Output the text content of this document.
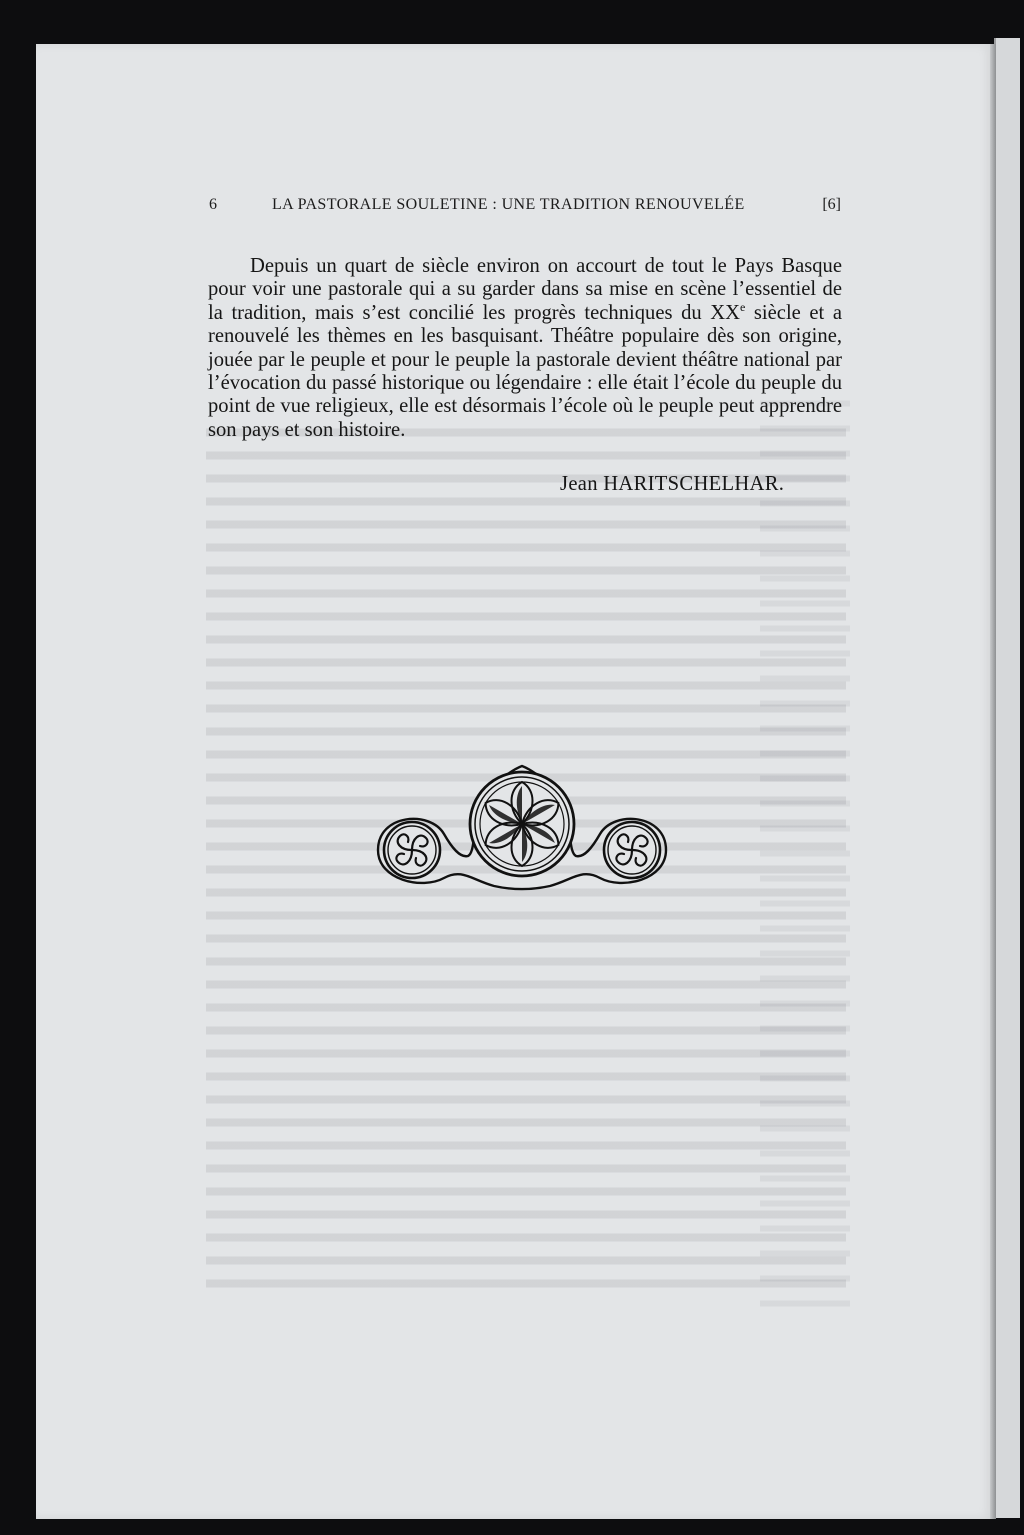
6	LA PASTORALE SOULETINE : UNE TRADITION RENOUVELÉE	[6]

Depuis un quart de siècle environ on accourt de tout le Pays Basque pour voir une pastorale qui a su garder dans sa mise en scène l’essentiel de la tradition, mais s’est concilié les progrès techniques du XXe siècle et a renouvelé les thèmes en les basquisant. Théâtre populaire dès son origine, jouée par le peuple et pour le peuple la pastorale devient théâtre national par l’évocation du passé historique ou légendaire : elle était l’école du peuple du point de vue religieux, elle est désormais l’école où le peuple peut apprendre son pays et son histoire.

Jean HARITSCHELHAR.
